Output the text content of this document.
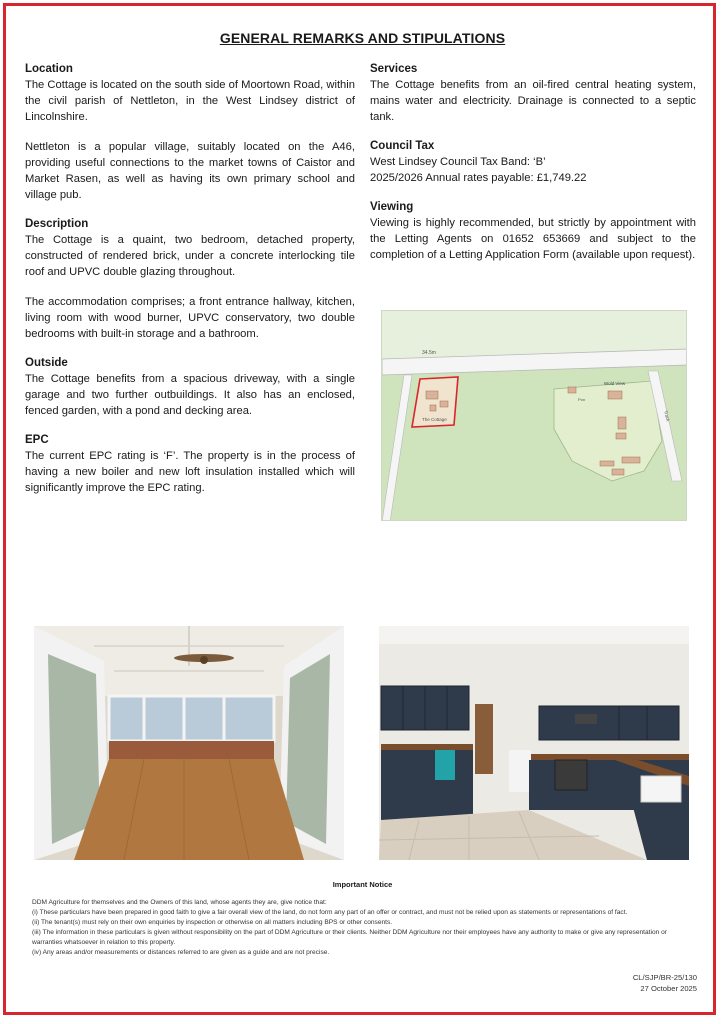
GENERAL REMARKS AND STIPULATIONS
Location

The Cottage is located on the south side of Moortown Road, within the civil parish of Nettleton, in the West Lindsey district of Lincolnshire.

Nettleton is a popular village, suitably located on the A46, providing useful connections to the market towns of Caistor and Market Rasen, as well as having its own primary school and village pub.

Description

The Cottage is a quaint, two bedroom, detached property, constructed of rendered brick, under a concrete interlocking tile roof and UPVC double glazing throughout.

The accommodation comprises; a front entrance hallway, kitchen, living room with wood burner, UPVC conservatory, two double bedrooms with built-in storage and a bathroom.

Outside

The Cottage benefits from a spacious driveway, with a single garage and two further outbuildings. It also has an enclosed, fenced garden, with a pond and decking area.

EPC

The current EPC rating is ‘F’. The property is in the process of having a new boiler and new loft insulation installed which will significantly improve the EPC rating.

Services

The Cottage benefits from an oil-fired central heating system, mains water and electricity. Drainage is connected to a septic tank.

Council Tax
West Lindsey Council Tax Band: ‘B’

2025/2026 Annual rates payable: £1,749.22

Viewing

Viewing is highly recommended, but strictly by appointment with the Letting Agents on 01652 653669 and subject to the completion of a Letting Application Form (available upon request).

34.5m
Track
The Cottage
Wold View
Pon
Important Notice

DDM Agriculture for themselves and the Owners of this land, whose agents they are, give notice that:

(i) These particulars have been prepared in good faith to give a fair overall view of the land, do not form any part of an offer or contract, and must not be relied upon as statements or representations of fact.

(ii) The tenant(s) must rely on their own enquiries by inspection or otherwise on all matters including BPS or other consents.

(iii) The information in these particulars is given without responsibility on the part of DDM Agriculture or their clients. Neither DDM Agriculture nor their employees have any authority to make or give any representation or warranties whatsoever in relation to this property.

(iv) Any areas and/or measurements or distances referred to are given as a guide and are not precise.

CL/SJP/BR-25/130
27 October 2025
